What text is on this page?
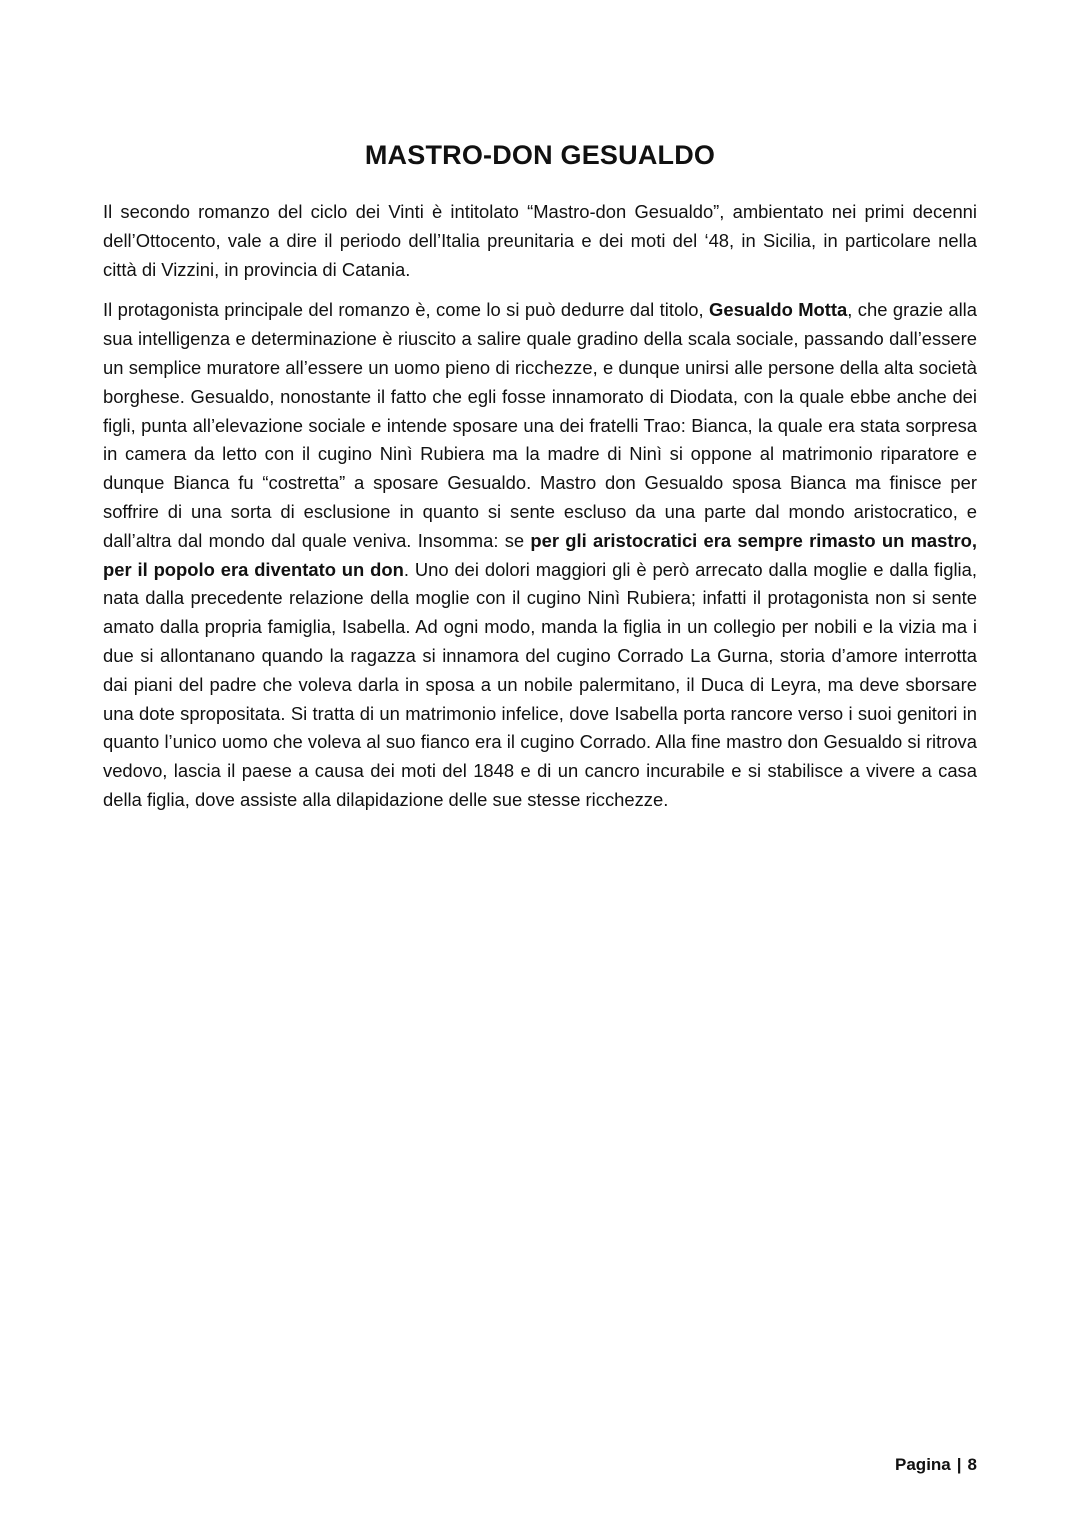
MASTRO-DON GESUALDO

Il secondo romanzo del ciclo dei Vinti è intitolato “Mastro-don Gesualdo”, ambientato nei primi decenni dell’Ottocento, vale a dire il periodo dell’Italia preunitaria e dei moti del ‘48, in Sicilia, in particolare nella città di Vizzini, in provincia di Catania.

Il protagonista principale del romanzo è, come lo si può dedurre dal titolo, Gesualdo Motta, che grazie alla sua intelligenza e determinazione è riuscito a salire quale gradino della scala sociale, passando dall’essere un semplice muratore all’essere un uomo pieno di ricchezze, e dunque unirsi alle persone della alta società borghese. Gesualdo, nonostante il fatto che egli fosse innamorato di Diodata, con la quale ebbe anche dei figli, punta all’elevazione sociale e intende sposare una dei fratelli Trao: Bianca, la quale era stata sorpresa in camera da letto con il cugino Ninì Rubiera ma la madre di Ninì si oppone al matrimonio riparatore e dunque Bianca fu “costretta” a sposare Gesualdo. Mastro don Gesualdo sposa Bianca ma finisce per soffrire di una sorta di esclusione in quanto si sente escluso da una parte dal mondo aristocratico, e dall’altra dal mondo dal quale veniva. Insomma: se per gli aristocratici era sempre rimasto un mastro, per il popolo era diventato un don. Uno dei dolori maggiori gli è però arrecato dalla moglie e dalla figlia, nata dalla precedente relazione della moglie con il cugino Ninì Rubiera; infatti il protagonista non si sente amato dalla propria famiglia, Isabella. Ad ogni modo, manda la figlia in un collegio per nobili e la vizia ma i due si allontanano quando la ragazza si innamora del cugino Corrado La Gurna, storia d’amore interrotta dai piani del padre che voleva darla in sposa a un nobile palermitano, il Duca di Leyra, ma deve sborsare una dote spropositata. Si tratta di un matrimonio infelice, dove Isabella porta rancore verso i suoi genitori in quanto l’unico uomo che voleva al suo fianco era il cugino Corrado. Alla fine mastro don Gesualdo si ritrova vedovo, lascia il paese a causa dei moti del 1848 e di un cancro incurabile e si stabilisce a vivere a casa della figlia, dove assiste alla dilapidazione delle sue stesse ricchezze.

Pagina | 8
